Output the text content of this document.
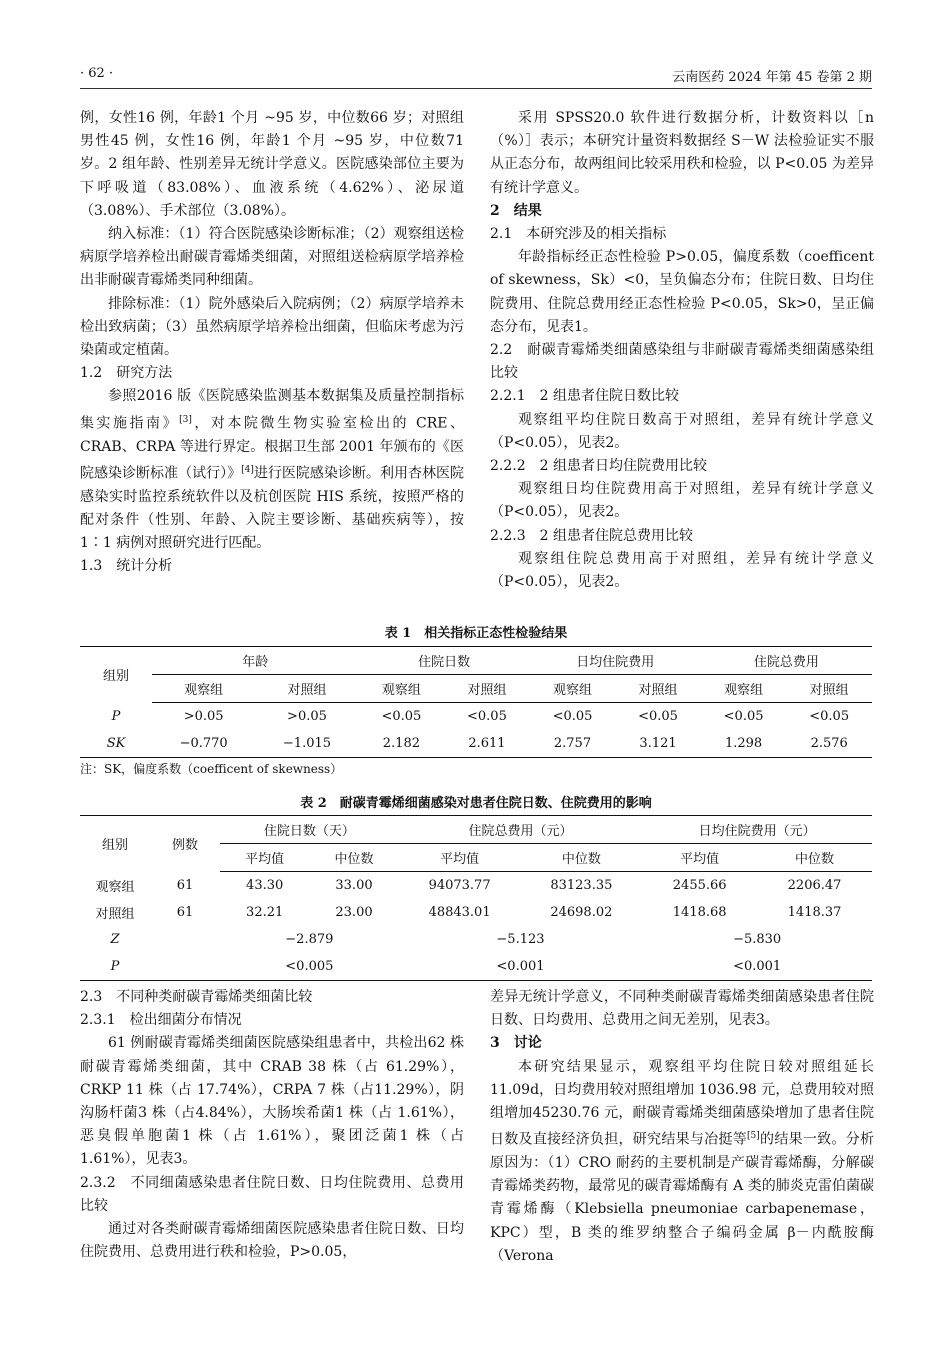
· 62 ·	云南医药 2024 年第 45 卷第 2 期

例，女性16 例，年龄1 个月 ~95 岁，中位数66 岁；对照组男性45 例，女性16 例，年龄1 个月 ~95 岁，中位数71 岁。2 组年龄、性别差异无统计学意义。医院感染部位主要为下呼吸道（83.08%）、血液系统（4.62%）、泌尿道（3.08%）、手术部位（3.08%）。

纳入标准：（1）符合医院感染诊断标准；（2）观察组送检病原学培养检出耐碳青霉烯类细菌，对照组送检病原学培养检出非耐碳青霉烯类同种细菌。

排除标准：（1）院外感染后入院病例；（2）病原学培养未检出致病菌；（3）虽然病原学培养检出细菌，但临床考虑为污染菌或定植菌。

1.2　研究方法

参照2016 版《医院感染监测基本数据集及质量控制指标集实施指南》[3]，对本院微生物实验室检出的 CRE、CRAB、CRPA 等进行界定。根据卫生部 2001 年颁布的《医院感染诊断标准（试行）》[4]进行医院感染诊断。利用杏林医院感染实时监控系统软件以及杭创医院 HIS 系统，按照严格的配对条件（性别、年龄、入院主要诊断、基础疾病等），按 1∶1 病例对照研究进行匹配。

1.3　统计分析

采用 SPSS20.0 软件进行数据分析，计数资料以［n（%）］表示；本研究计量资料数据经 S－W 法检验证实不服从正态分布，故两组间比较采用秩和检验，以 P<0.05 为差异有统计学意义。

2　结果

2.1　本研究涉及的相关指标

年龄指标经正态性检验 P>0.05，偏度系数（coefficent of skewness，Sk）<0，呈负偏态分布；住院日数、日均住院费用、住院总费用经正态性检验 P<0.05，Sk>0，呈正偏态分布，见表1。

2.2　耐碳青霉烯类细菌感染组与非耐碳青霉烯类细菌感染组比较

2.2.1　2 组患者住院日数比较

观察组平均住院日数高于对照组，差异有统计学意义（P<0.05），见表2。

2.2.2　2 组患者日均住院费用比较

观察组日均住院费用高于对照组，差异有统计学意义（P<0.05），见表2。

2.2.3　2 组患者住院总费用比较

观察组住院总费用高于对照组，差异有统计学意义（P<0.05），见表2。

表 1　相关指标正态性检验结果
组别	年龄		住院日数		日均住院费用		住院总费用	
	观察组	对照组	观察组	对照组	观察组	对照组	观察组	对照组
P	>0.05	>0.05	<0.05	<0.05	<0.05	<0.05	<0.05	<0.05
SK	−0.770	−1.015	2.182	2.611	2.757	3.121	1.298	2.576
注：SK，偏度系数（coefficent of skewness）
表 2　耐碳青霉烯细菌感染对患者住院日数、住院费用的影响
组别	例数	住院日数（天）		住院总费用（元）		日均住院费用（元）	
		平均值	中位数	平均值	中位数	平均值	中位数
观察组	61	43.30	33.00	94073.77	83123.35	2455.66	2206.47
对照组	61	32.21	23.00	48843.01	24698.02	1418.68	1418.37
Z		−2.879		−5.123		−5.830	
P		<0.005		<0.001		<0.001	

2.3　不同种类耐碳青霉烯类细菌比较

2.3.1　检出细菌分布情况

61 例耐碳青霉烯类细菌医院感染组患者中，共检出62 株耐碳青霉烯类细菌，其中 CRAB 38 株（占 61.29%），CRKP 11 株（占 17.74%），CRPA 7 株（占11.29%），阴沟肠杆菌3 株（占4.84%），大肠埃希菌1 株（占 1.61%），恶臭假单胞菌1 株（占 1.61%），聚团泛菌1 株（占1.61%），见表3。

2.3.2　不同细菌感染患者住院日数、日均住院费用、总费用比较

通过对各类耐碳青霉烯细菌医院感染患者住院日数、日均住院费用、总费用进行秩和检验，P>0.05，

差异无统计学意义，不同种类耐碳青霉烯类细菌感染患者住院日数、日均费用、总费用之间无差别，见表3。

3　讨论

本研究结果显示，观察组平均住院日较对照组延长 11.09d，日均费用较对照组增加 1036.98 元，总费用较对照组增加45230.76 元，耐碳青霉烯类细菌感染增加了患者住院日数及直接经济负担，研究结果与冶挺等[5]的结果一致。分析原因为：（1）CRO 耐药的主要机制是产碳青霉烯酶，分解碳青霉烯类药物，最常见的碳青霉烯酶有 A 类的肺炎克雷伯菌碳青霉烯酶（Klebsiella pneumoniae carbapenemase，KPC）型，B 类的维罗纳整合子编码金属 β－内酰胺酶（Verona
